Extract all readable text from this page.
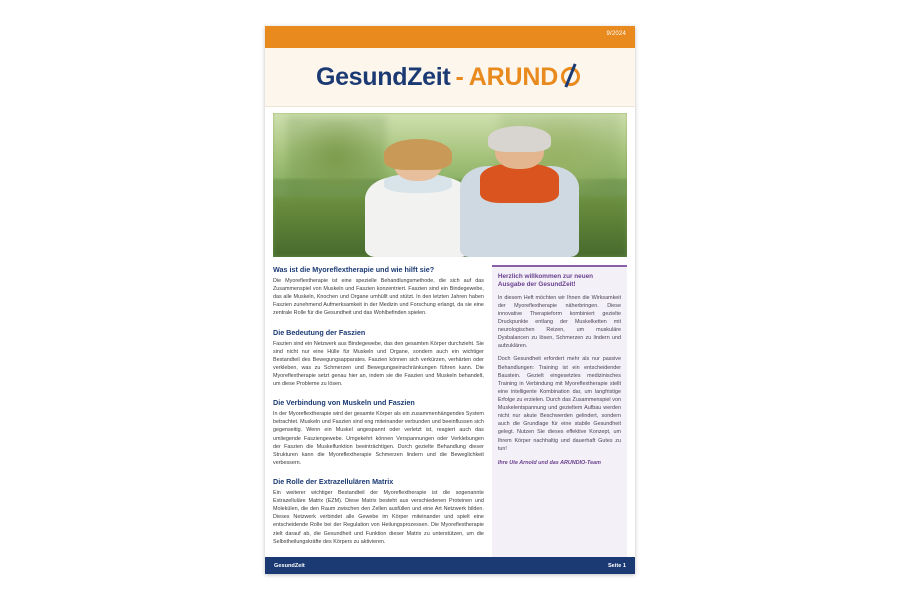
9/2024
GesundZeit - ARUND
Was ist die Myoreflextherapie und wie hilft sie?

Die Myoreflextherapie ist eine spezielle Behandlungsmethode, die sich auf das Zusammenspiel von Muskeln und Faszien konzentriert. Faszien sind ein Bindegewebe, das alle Muskeln, Knochen und Organe umhüllt und stützt. In den letzten Jahren haben Faszien zunehmend Aufmerksamkeit in der Medizin und Forschung erlangt, da sie eine zentrale Rolle für die Gesundheit und das Wohlbefinden spielen.

Die Bedeutung der Faszien

Faszien sind ein Netzwerk aus Bindegewebe, das den gesamten Körper durchzieht. Sie sind nicht nur eine Hülle für Muskeln und Organe, sondern auch ein wichtiger Bestandteil des Bewegungsapparates. Faszien können sich verkürzen, verhärten oder verkleben, was zu Schmerzen und Bewegungseinschränkungen führen kann. Die Myoreflextherapie setzt genau hier an, indem sie die Faszien und Muskeln behandelt, um diese Probleme zu lösen.

Die Verbindung von Muskeln und Faszien

In der Myoreflextherapie wird der gesamte Körper als ein zusammenhängendes System betrachtet. Muskeln und Faszien sind eng miteinander verbunden und beeinflussen sich gegenseitig. Wenn ein Muskel angespannt oder verletzt ist, reagiert auch das umliegende Fasziengewebe. Umgekehrt können Verspannungen oder Verklebungen der Faszien die Muskelfunktion beeinträchtigen. Durch gezielte Behandlung dieser Strukturen kann die Myoreflextherapie Schmerzen lindern und die Beweglichkeit verbessern.

Die Rolle der Extrazellulären Matrix

Ein weiterer wichtiger Bestandteil der Myoreflextherapie ist die sogenannte Extrazelluläre Matrix (EZM). Diese Matrix besteht aus verschiedenen Proteinen und Molekülen, die den Raum zwischen den Zellen ausfüllen und eine Art Netzwerk bilden. Dieses Netzwerk verbindet alle Gewebe im Körper miteinander und spielt eine entscheidende Rolle bei der Regulation von Heilungsprozessen. Die Myoreflextherapie zielt darauf ab, die Gesundheit und Funktion dieser Matrix zu unterstützen, um die Selbstheilungskräfte des Körpers zu aktivieren.

Herzlich willkommen zur neuen Ausgabe der GesundZeit!

In diesem Heft möchten wir Ihnen die Wirksamkeit der Myoreflextherapie näherbringen. Diese innovative Therapieform kombiniert gezielte Druckpunkte entlang der Muskelketten mit neurologischen Reizen, um muskuläre Dysbalancen zu lösen, Schmerzen zu lindern und aufzuklären.

Doch Gesundheit erfordert mehr als nur passive Behandlungen: Training ist ein entscheidender Baustein. Gezielt eingesetztes medizinisches Training in Verbindung mit Myoreflextherapie stellt eine intelligente Kombination dar, um langfristige Erfolge zu erzielen. Durch das Zusammenspiel von Muskelentspannung und gezieltem Aufbau werden nicht nur akute Beschwerden gelindert, sondern auch die Grundlage für eine stabile Gesundheit gelegt. Nutzen Sie dieses effektive Konzept, um Ihrem Körper nachhaltig und dauerhaft Gutes zu tun!

Ihre Ute Arnold und das ARUNDIO-Team

GesundZeit	Seite 1
